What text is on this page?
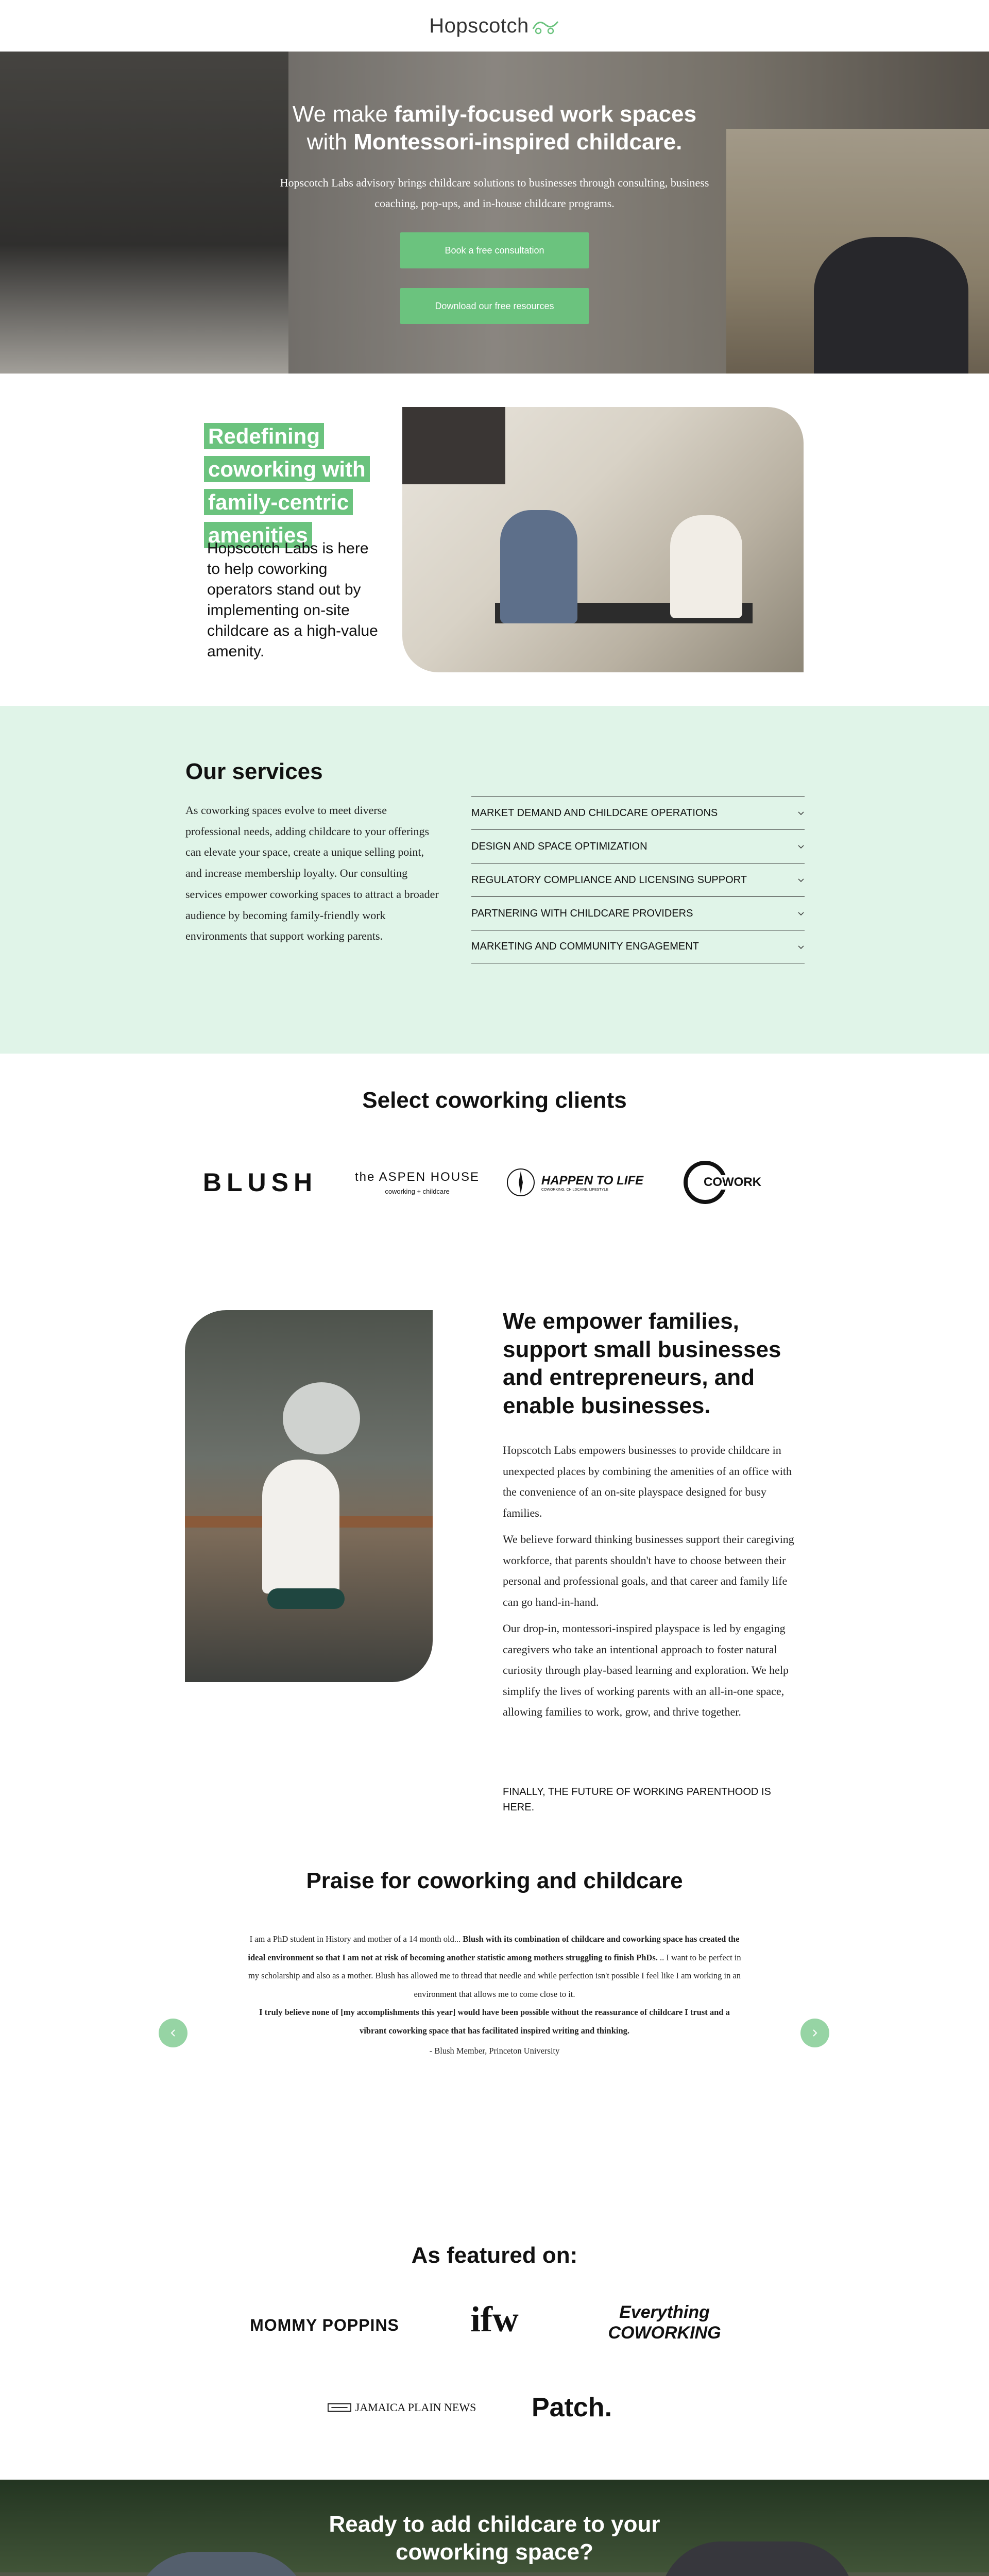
Hopscotch
We make family-focused work spaces
with Montessori-inspired childcare.

Hopscotch Labs advisory brings childcare solutions to businesses through consulting, business coaching, pop-ups, and in-house childcare programs.

Book a free consultation
Download our free resources
Redefining coworking with family-centric amenities

Hopscotch Labs is here to help coworking operators stand out by implementing on-site childcare as a high-value amenity.

Our services

As coworking spaces evolve to meet diverse professional needs, adding childcare to your offerings can elevate your space, create a unique selling point, and increase membership loyalty. Our consulting services empower coworking spaces to attract a broader audience by becoming family-friendly work environments that support working parents.

MARKET DEMAND AND CHILDCARE OPERATIONS
DESIGN AND SPACE OPTIMIZATION
REGULATORY COMPLIANCE AND LICENSING SUPPORT
PARTNERING WITH CHILDCARE PROVIDERS
MARKETING AND COMMUNITY ENGAGEMENT
Select coworking clients
BLUSH	the ASPEN HOUSE
coworking + childcare
HAPPEN TO LIFE
COWORKING, CHILDCARE, LIFESTYLE
COWORK
We empower families, support small businesses and entrepreneurs, and enable businesses.

Hopscotch Labs empowers businesses to provide childcare in unexpected places by combining the amenities of an office with the convenience of an on-site playspace designed for busy families.

We believe forward thinking businesses support their caregiving workforce, that parents shouldn't have to choose between their personal and professional goals, and that career and family life can go hand-in-hand.

Our drop-in, montessori-inspired playspace is led by engaging caregivers who take an intentional approach to foster natural curiosity through play-based learning and exploration. We help simplify the lives of working parents with an all-in-one space, allowing families to work, grow, and thrive together.

FINALLY, THE FUTURE OF WORKING PARENTHOOD IS HERE.

Praise for coworking and childcare

I am a PhD student in History and mother of a 14 month old... Blush with its combination of childcare and coworking space has created the ideal environment so that I am not at risk of becoming another statistic among mothers struggling to finish PhDs. .. I want to be perfect in my scholarship and also as a mother. Blush has allowed me to thread that needle and while perfection isn't possible I feel like I am working in an environment that allows me to come close to it.

I truly believe none of [my accomplishments this year] would have been possible without the reassurance of childcare I trust and a vibrant coworking space that has facilitated inspired writing and thinking.

- Blush Member, Princeton University

As featured on:
MOMMY POPPINS ifw	Everything COWORKING
JAMAICA PLAIN NEWS Patch.
Ready to add childcare to your coworking space?
